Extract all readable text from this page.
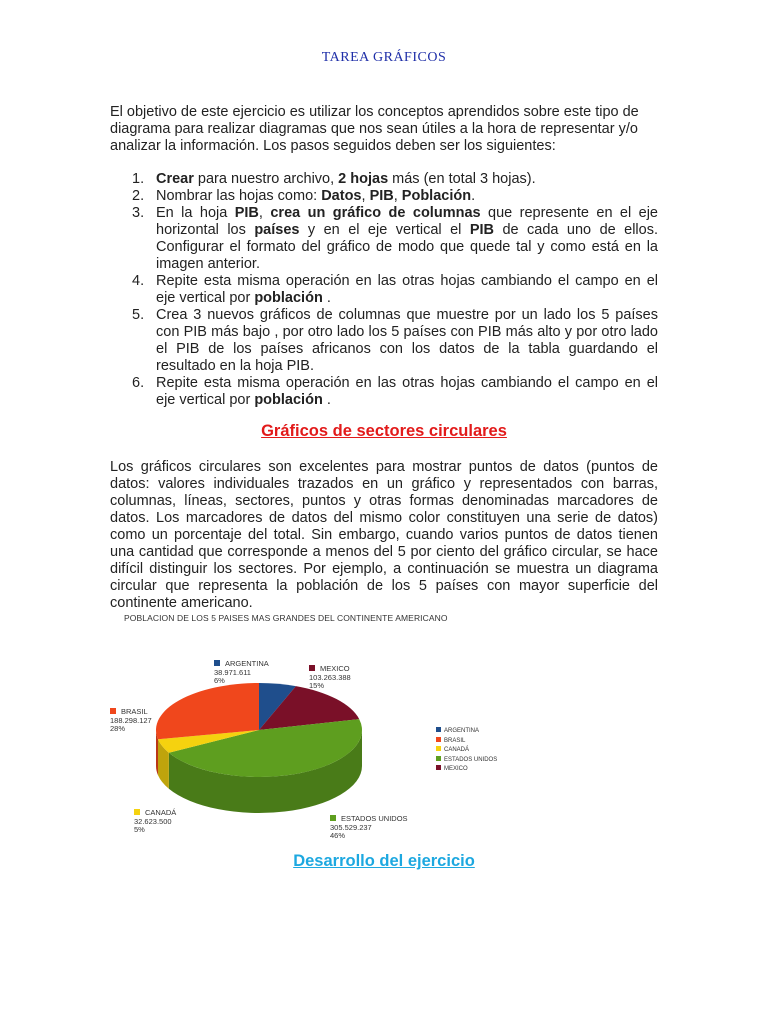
TAREA GRÁFICOS
El objetivo de este ejercicio es utilizar los conceptos aprendidos sobre este tipo de diagrama para realizar diagramas que nos sean útiles a la hora de representar y/o analizar la información. Los pasos seguidos deben ser los siguientes:
1. Crear para nuestro archivo, 2 hojas más (en total 3 hojas).
2. Nombrar las hojas como: Datos, PIB, Población.
3. En la hoja PIB, crea un gráfico de columnas que represente en el eje horizontal los países y en el eje vertical el PIB de cada uno de ellos. Configurar el formato del gráfico de modo que quede tal y como está en la imagen anterior.
4. Repite esta misma operación en las otras hojas cambiando el campo en el eje vertical por población .
5. Crea 3 nuevos gráficos de columnas que muestre por un lado los 5 países con PIB más bajo , por otro lado los 5 países con PIB más alto y por otro lado el PIB de los países africanos con los datos de la tabla guardando el resultado en la hoja PIB.
6. Repite esta misma operación en las otras hojas cambiando el campo en el eje vertical por población .
Gráficos de sectores circulares
Los gráficos circulares son excelentes para mostrar puntos de datos (puntos de datos: valores individuales trazados en un gráfico y representados con barras, columnas, líneas, sectores, puntos y otras formas denominadas marcadores de datos. Los marcadores de datos del mismo color constituyen una serie de datos) como un porcentaje del total. Sin embargo, cuando varios puntos de datos tienen una cantidad que corresponde a menos del 5 por ciento del gráfico circular, se hace difícil distinguir los sectores. Por ejemplo, a continuación se muestra un diagrama circular que representa la población de los 5 países con mayor superficie del continente americano.
POBLACION DE LOS 5 PAISES MAS GRANDES DEL CONTINENTE AMERICANO
ARGENTINA
38.971.611
6%
MEXICO
103.263.388
15%
BRASIL
188.298.127
28%
CANADÁ
32.623.500
5%
ESTADOS UNIDOS
305.529.237
46%
ARGENTINA
BRASIL
CANADÁ
ESTADOS UNIDOS
MEXICO
Desarrollo del ejercicio
